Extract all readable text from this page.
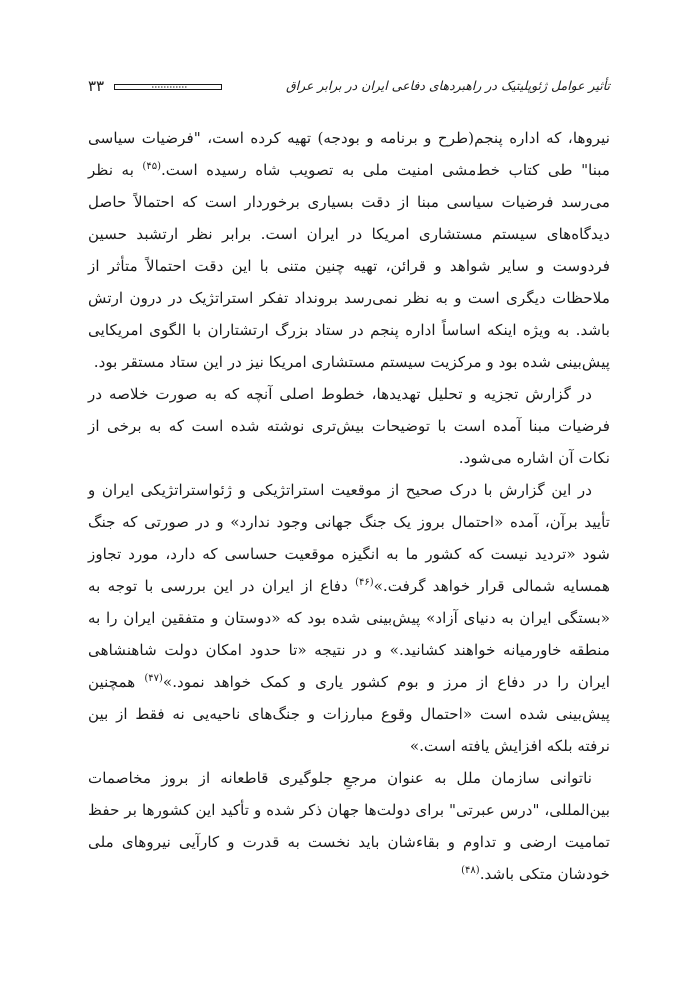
۳۳	تأثیر عوامل ژئوپلیتیک در راهبردهای دفاعی ایران در برابر عراق

نیروها، که اداره پنجم(طرح و برنامه و بودجه) تهیه کرده است، "فرضیات سیاسی مبنا" طی کتاب خط‌مشی امنیت ملی به تصویب شاه رسیده است.$^{(۴۵)}$ به نظر می‌رسد فرضیات سیاسی مبنا از دقت بسیاری برخوردار است که احتمالاً حاصل دیدگاه‌های سیستم مستشاری امریکا در ایران است. برابر نظر ارتشبد حسین فردوست و سایر شواهد و قرائن، تهیه چنین متنی با این دقت احتمالاً متأثر از ملاحظات دیگری است و به نظر نمی‌رسد برونداد تفکر استراتژیک در درون ارتش باشد. به ویژه اینکه اساساً اداره پنجم در ستاد بزرگ ارتشتاران با الگوی امریکایی پیش‌بینی شده بود و مرکزیت سیستم مستشاری امریکا نیز در این ستاد مستقر بود.

در گزارش تجزیه و تحلیل تهدیدها، خطوط اصلی آنچه که به صورت خلاصه در فرضیات مبنا آمده است با توضیحات بیش‌تری نوشته شده است که به برخی از نکات آن اشاره می‌شود.

در این گزارش با درک صحیح از موقعیت استراتژیکی و ژئواستراتژیکی ایران و تأیید برآن، آمده «احتمال بروز یک جنگ جهانی وجود ندارد» و در صورتی که جنگ شود «تردید نیست که کشور ما به انگیزه موقعیت حساسی که دارد، مورد تجاوز همسایه شمالی قرار خواهد گرفت.»$^{(۴۶)}$ دفاع از ایران در این بررسی با توجه به «بستگی ایران به دنیای آزاد» پیش‌بینی شده بود که «دوستان و متفقین ایران را به منطقه خاورمیانه خواهند کشانید.» و در نتیجه «تا حدود امکان دولت شاهنشاهی ایران را در دفاع از مرز و بوم کشور یاری و کمک خواهد نمود.»$^{(۴۷)}$ همچنین پیش‌بینی شده است «احتمال وقوع مبارزات و جنگ‌های ناحیه‌یی نه فقط از بین نرفته بلکه افزایش یافته است.»

ناتوانی سازمان ملل به عنوان مرجعِ جلوگیری قاطعانه از بروز مخاصمات بین‌المللی، "درس عبرتی" برای دولت‌ها جهان ذکر شده و تأکید این کشورها بر حفظ تمامیت ارضی و تداوم و بقاءشان باید نخست به قدرت و کارآیی نیروهای ملی خودشان متکی باشد.$^{(۴۸)}$
